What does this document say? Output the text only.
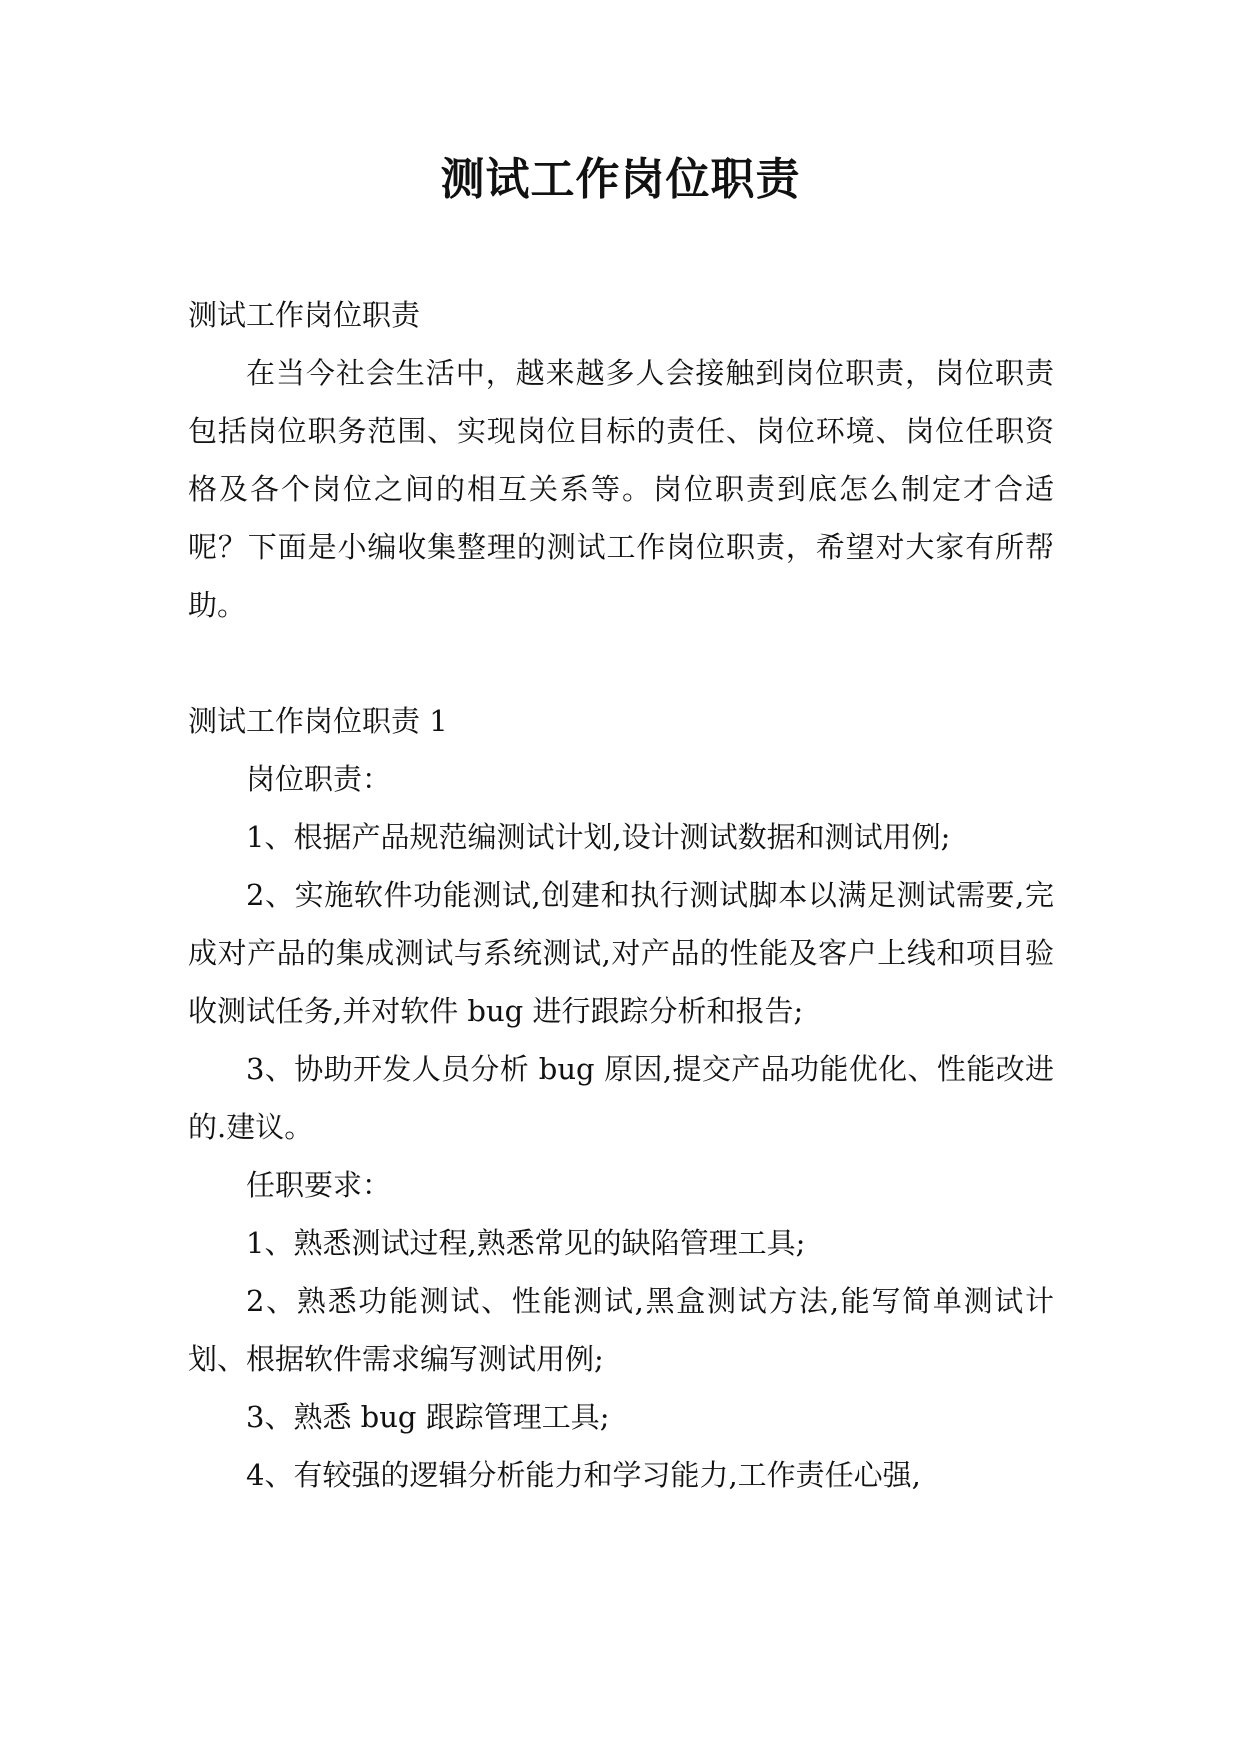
测试工作岗位职责

测试工作岗位职责

在当今社会生活中，越来越多人会接触到岗位职责，岗位职责包括岗位职务范围、实现岗位目标的责任、岗位环境、岗位任职资格及各个岗位之间的相互关系等。岗位职责到底怎么制定才合适呢？下面是小编收集整理的测试工作岗位职责，希望对大家有所帮助。

测试工作岗位职责 1

岗位职责：

1、根据产品规范编测试计划,设计测试数据和测试用例;

2、实施软件功能测试,创建和执行测试脚本以满足测试需要,完成对产品的集成测试与系统测试,对产品的性能及客户上线和项目验收测试任务,并对软件 bug 进行跟踪分析和报告;

3、协助开发人员分析 bug 原因,提交产品功能优化、性能改进的.建议。

任职要求：

1、熟悉测试过程,熟悉常见的缺陷管理工具;

2、熟悉功能测试、性能测试,黑盒测试方法,能写简单测试计划、根据软件需求编写测试用例;

3、熟悉 bug 跟踪管理工具;

4、有较强的逻辑分析能力和学习能力,工作责任心强,
